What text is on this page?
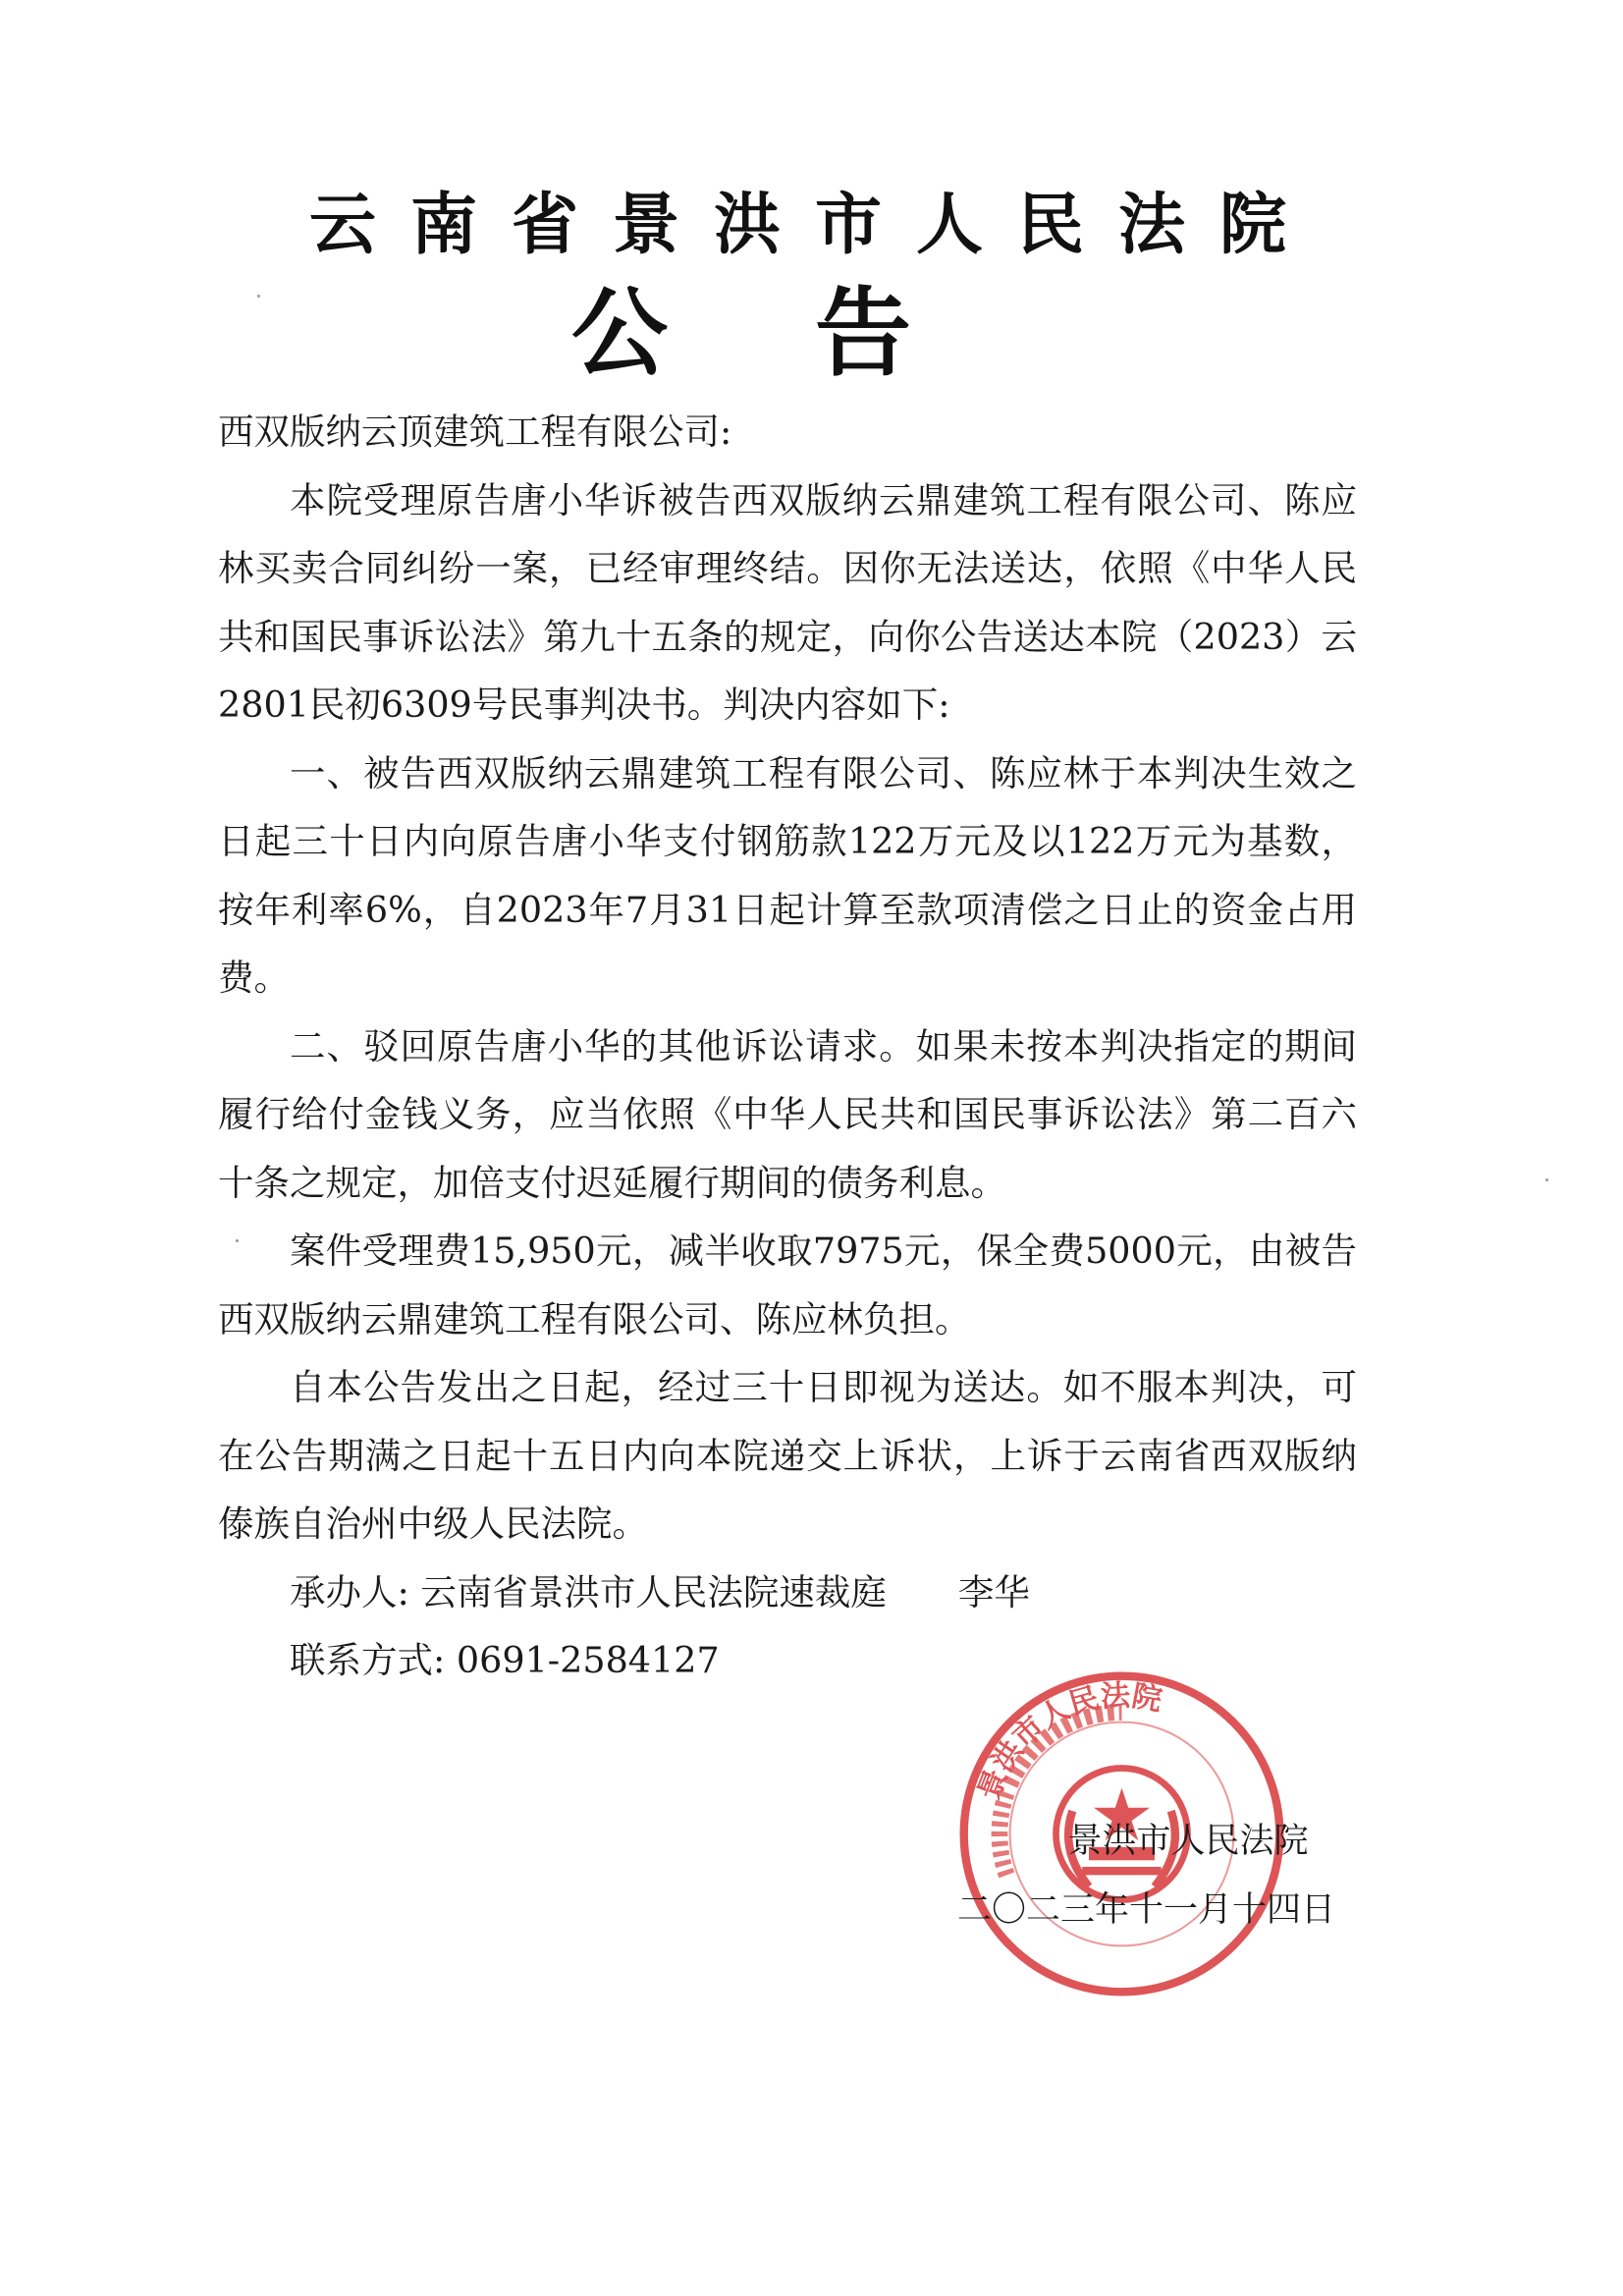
云南省景洪市人民法院
公告

西双版纳云顶建筑工程有限公司:

本院受理原告唐小华诉被告西双版纳云鼎建筑工程有限公司、陈应林买卖合同纠纷一案，已经审理终结。因你无法送达，依照《中华人民共和国民事诉讼法》第九十五条的规定，向你公告送达本院（2023）云2801民初6309号民事判决书。判决内容如下:

一、被告西双版纳云鼎建筑工程有限公司、陈应林于本判决生效之日起三十日内向原告唐小华支付钢筋款122万元及以122万元为基数，按年利率6%，自2023年7月31日起计算至款项清偿之日止的资金占用费。

二、驳回原告唐小华的其他诉讼请求。如果未按本判决指定的期间履行给付金钱义务，应当依照《中华人民共和国民事诉讼法》第二百六十条之规定，加倍支付迟延履行期间的债务利息。

案件受理费15,950元，减半收取7975元，保全费5000元，由被告西双版纳云鼎建筑工程有限公司、陈应林负担。

自本公告发出之日起，经过三十日即视为送达。如不服本判决，可在公告期满之日起十五日内向本院递交上诉状，上诉于云南省西双版纳傣族自治州中级人民法院。

承办人: 云南省景洪市人民法院速裁庭　　李华

联系方式: 0691-2584127

景洪市人民法院
景洪市人民法院
二〇二三年十一月十四日
